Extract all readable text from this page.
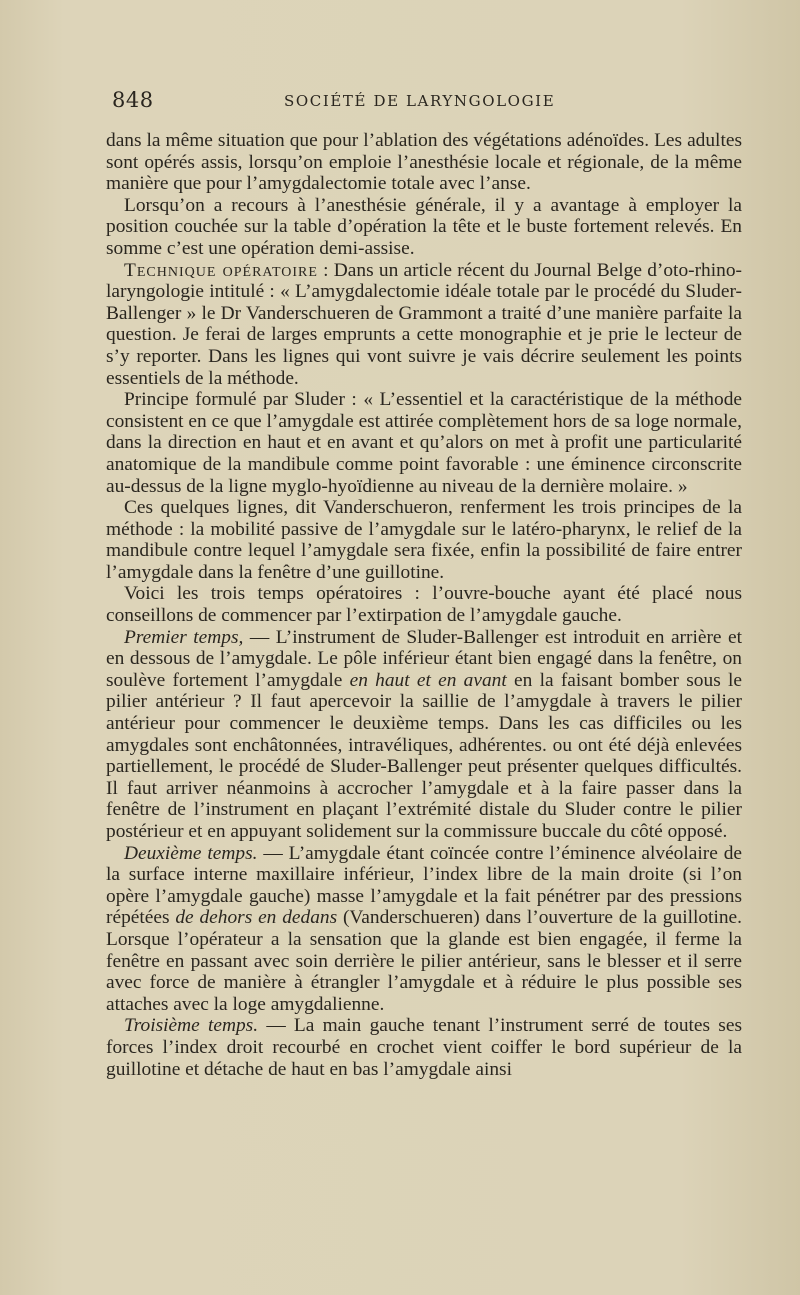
848	SOCIÉTÉ DE LARYNGOLOGIE

dans la même situation que pour l’ablation des végétations adénoïdes. Les adultes sont opérés assis, lorsqu’on emploie l’anesthésie locale et régionale, de la même manière que pour l’amygdalectomie totale avec l’anse.

Lorsqu’on a recours à l’anesthésie générale, il y a avantage à employer la position couchée sur la table d’opération la tête et le buste fortement relevés. En somme c’est une opération demi-assise.

Technique opératoire : Dans un article récent du Journal Belge d’oto-rhino-laryngologie intitulé : « L’amygdalectomie idéale totale par le procédé du Sluder-Ballenger » le Dr Vanderschueren de Grammont a traité d’une manière parfaite la question. Je ferai de larges emprunts a cette monographie et je prie le lecteur de s’y reporter. Dans les lignes qui vont suivre je vais décrire seulement les points essentiels de la méthode.

Principe formulé par Sluder : « L’essentiel et la caractéristique de la méthode consistent en ce que l’amygdale est attirée complètement hors de sa loge normale, dans la direction en haut et en avant et qu’alors on met à profit une particularité anatomique de la mandibule comme point favorable : une éminence circonscrite au-dessus de la ligne myglo-hyoïdienne au niveau de la dernière molaire. »

Ces quelques lignes, dit Vanderschueron, renferment les trois principes de la méthode : la mobilité passive de l’amygdale sur le latéro-pharynx, le relief de la mandibule contre lequel l’amygdale sera fixée, enfin la possibilité de faire entrer l’amygdale dans la fenêtre d’une guillotine.

Voici les trois temps opératoires : l’ouvre-bouche ayant été placé nous conseillons de commencer par l’extirpation de l’amygdale gauche.

Premier temps, — L’instrument de Sluder-Ballenger est introduit en arrière et en dessous de l’amygdale. Le pôle inférieur étant bien engagé dans la fenêtre, on soulève fortement l’amygdale en haut et en avant en la faisant bomber sous le pilier antérieur ? Il faut apercevoir la saillie de l’amygdale à travers le pilier antérieur pour commencer le deuxième temps. Dans les cas difficiles ou les amygdales sont enchâtonnées, intravéliques, adhérentes. ou ont été déjà enlevées partiellement, le procédé de Sluder-Ballenger peut présenter quelques difficultés. Il faut arriver néanmoins à accrocher l’amygdale et à la faire passer dans la fenêtre de l’instrument en plaçant l’extrémité distale du Sluder contre le pilier postérieur et en appuyant solidement sur la commissure buccale du côté opposé.

Deuxième temps. — L’amygdale étant coïncée contre l’éminence alvéolaire de la surface interne maxillaire inférieur, l’index libre de la main droite (si l’on opère l’amygdale gauche) masse l’amygdale et la fait pénétrer par des pressions répétées de dehors en dedans (Vanderschueren) dans l’ouverture de la guillotine. Lorsque l’opérateur a la sensation que la glande est bien engagée, il ferme la fenêtre en passant avec soin derrière le pilier antérieur, sans le blesser et il serre avec force de manière à étrangler l’amygdale et à réduire le plus possible ses attaches avec la loge amygdalienne.

Troisième temps. — La main gauche tenant l’instrument serré de toutes ses forces l’index droit recourbé en crochet vient coiffer le bord supérieur de la guillotine et détache de haut en bas l’amygdale ainsi
